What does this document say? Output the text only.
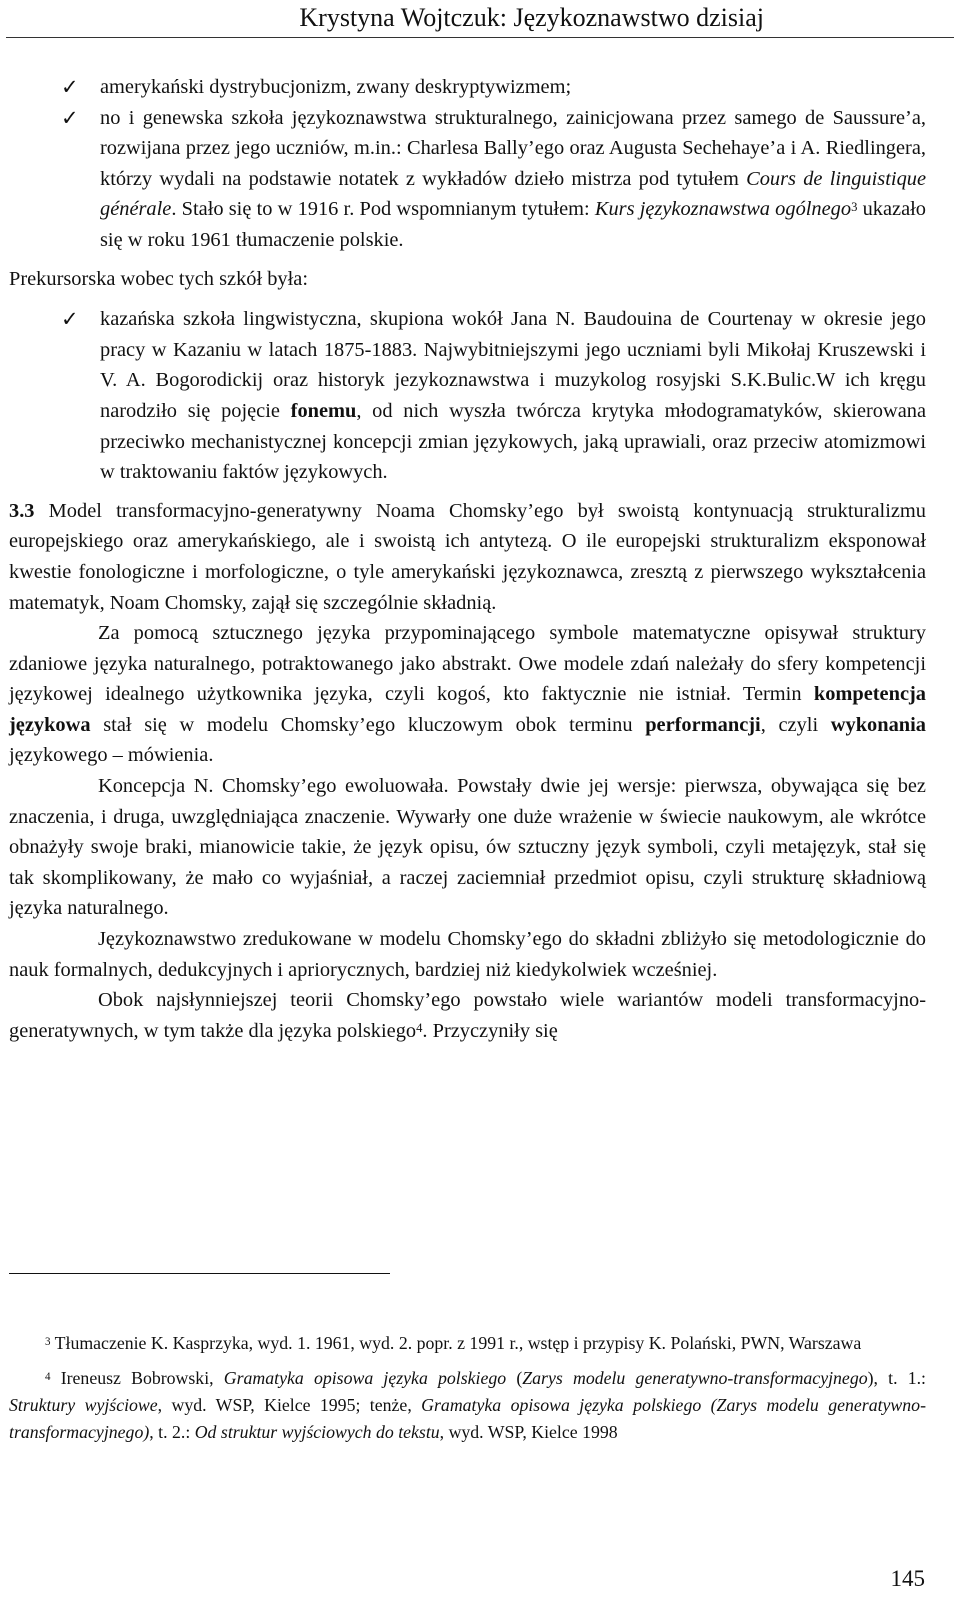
Krystyna Wojtczuk: Językoznawstwo dzisiaj
✓ amerykański dystrybucjonizm, zwany deskryptywizmem;
✓ no i genewska szkoła językoznawstwa strukturalnego, zainicjowana przez samego de Saussure’a, rozwijana przez jego uczniów, m.in.: Charlesa Bally’ego oraz Augusta Sechehaye’a i A. Riedlingera, którzy wydali na podstawie notatek z wykładów dzieło mistrza pod tytułem Cours de linguistique générale. Stało się to w 1916 r. Pod wspomnianym tytułem: Kurs językoznawstwa ogólnego$^3$ ukazało się w roku 1961 tłumaczenie polskie.
Prekursorska wobec tych szkół była:
✓ kazańska szkoła lingwistyczna, skupiona wokół Jana N. Baudouina de Courtenay w okresie jego pracy w Kazaniu w latach 1875-1883. Najwybitniejszymi jego uczniami byli Mikołaj Kruszewski i V. A. Bogorodickij oraz historyk jezykoznawstwa i muzykolog rosyjski S.K.Bulic.W ich kręgu narodziło się pojęcie fonemu, od nich wyszła twórcza krytyka młodogramatyków, skierowana przeciwko mechanistycznej koncepcji zmian językowych, jaką uprawiali, oraz przeciw atomizmowi w traktowaniu faktów językowych.
3.3 Model transformacyjno-generatywny Noama Chomsky’ego był swoistą kontynuacją strukturalizmu europejskiego oraz amerykańskiego, ale i swoistą ich antytezą. O ile europejski strukturalizm eksponował kwestie fonologiczne i morfologiczne, o tyle amerykański językoznawca, zresztą z pierwszego wykształcenia matematyk, Noam Chomsky, zajął się szczególnie składnią.
Za pomocą sztucznego języka przypominającego symbole matematyczne opisywał struktury zdaniowe języka naturalnego, potraktowanego jako abstrakt. Owe modele zdań należały do sfery kompetencji językowej idealnego użytkownika języka, czyli kogoś, kto faktycznie nie istniał. Termin kompetencja językowa stał się w modelu Chomsky’ego kluczowym obok terminu performancji, czyli wykonania językowego – mówienia.
Koncepcja N. Chomsky’ego ewoluowała. Powstały dwie jej wersje: pierwsza, obywająca się bez znaczenia, i druga, uwzględniająca znaczenie. Wywarły one duże wrażenie w świecie naukowym, ale wkrótce obnażyły swoje braki, mianowicie takie, że język opisu, ów sztuczny język symboli, czyli metajęzyk, stał się tak skomplikowany, że mało co wyjaśniał, a raczej zaciemniał przedmiot opisu, czyli strukturę składniową języka naturalnego.
Językoznawstwo zredukowane w modelu Chomsky’ego do składni zbliżyło się metodologicznie do nauk formalnych, dedukcyjnych i apriorycznych, bardziej niż kiedykolwiek wcześniej.
Obok najsłynniejszej teorii Chomsky’ego powstało wiele wariantów modeli transformacyjno-generatywnych, w tym także dla języka polskiego$^4$. Przyczyniły się
$^3$ Tłumaczenie K. Kasprzyka, wyd. 1. 1961, wyd. 2. popr. z 1991 r., wstęp i przypisy K. Polański, PWN, Warszawa
$^4$ Ireneusz Bobrowski, Gramatyka opisowa języka polskiego (Zarys modelu generatywno-transformacyjnego), t. 1.: Struktury wyjściowe, wyd. WSP, Kielce 1995; tenże, Gramatyka opisowa języka polskiego (Zarys modelu generatywno-transformacyjnego), t. 2.: Od struktur wyjściowych do tekstu, wyd. WSP, Kielce 1998
145
